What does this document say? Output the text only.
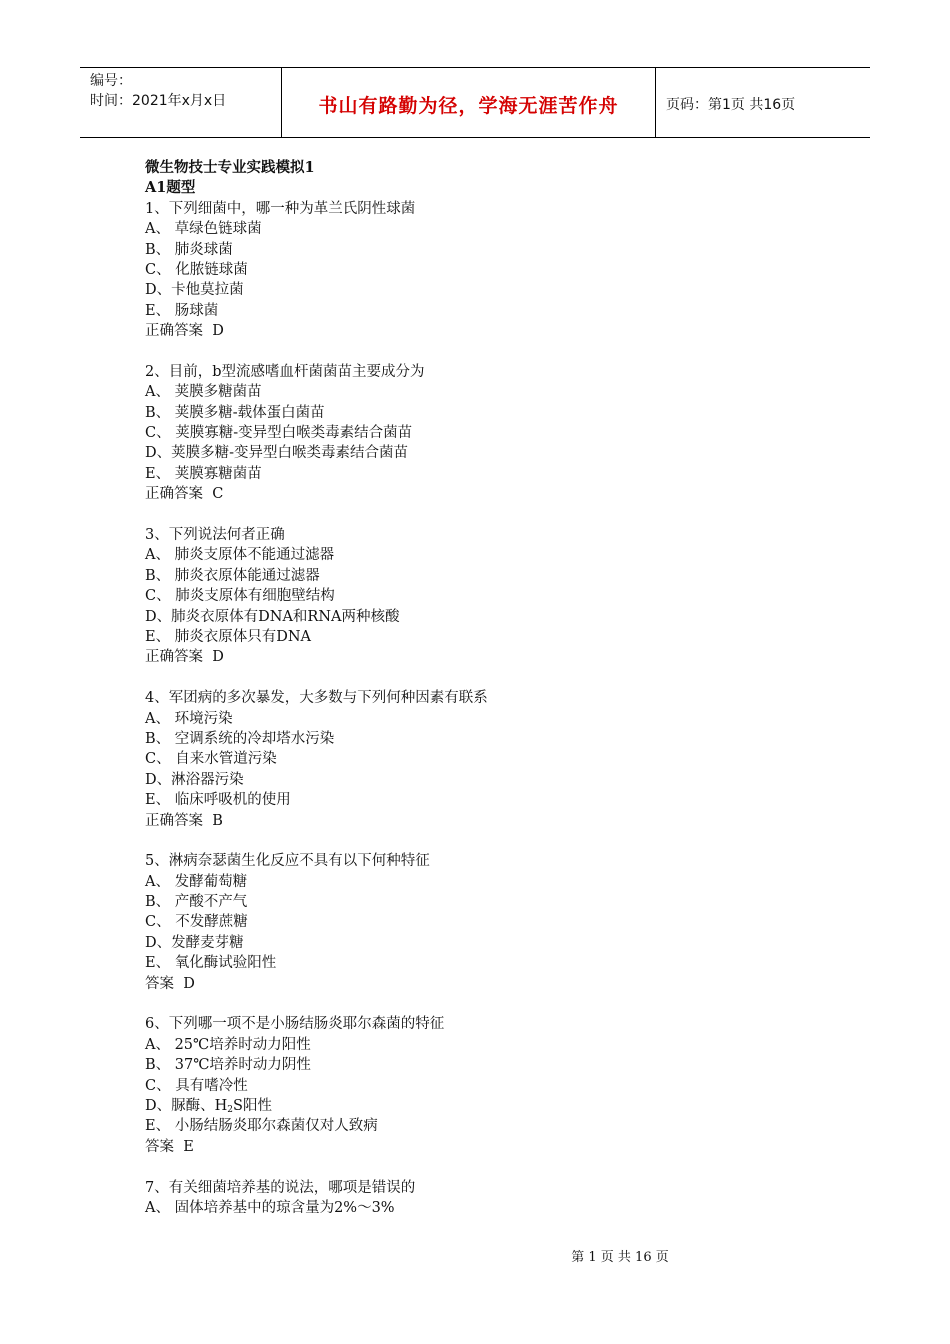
编号：
时间：2021年x月x日	书山有路勤为径，学海无涯苦作舟	页码：第1页 共16页
微生物技士专业实践模拟1
A1题型
1、下列细菌中，哪一种为革兰氏阴性球菌
A、 草绿色链球菌
B、 肺炎球菌
C、 化脓链球菌
D、卡他莫拉菌
E、 肠球菌
正确答案  D
2、目前，b型流感嗜血杆菌菌苗主要成分为
A、 荚膜多糖菌苗
B、 荚膜多糖-载体蛋白菌苗
C、 荚膜寡糖-变异型白喉类毒素结合菌苗
D、荚膜多糖-变异型白喉类毒素结合菌苗
E、 荚膜寡糖菌苗
正确答案  C
3、下列说法何者正确
A、 肺炎支原体不能通过滤器
B、 肺炎衣原体能通过滤器
C、 肺炎支原体有细胞壁结构
D、肺炎衣原体有DNA和RNA两种核酸
E、 肺炎衣原体只有DNA
正确答案  D
4、军团病的多次暴发，大多数与下列何种因素有联系
A、 环境污染
B、 空调系统的冷却塔水污染
C、 自来水管道污染
D、淋浴器污染
E、 临床呼吸机的使用
正确答案  B
5、淋病奈瑟菌生化反应不具有以下何种特征
A、 发酵葡萄糖
B、 产酸不产气
C、 不发酵蔗糖
D、发酵麦芽糖
E、 氧化酶试验阳性
答案  D
6、下列哪一项不是小肠结肠炎耶尔森菌的特征
A、 25℃培养时动力阳性
B、 37℃培养时动力阴性
C、 具有嗜冷性
D、脲酶、$H_2S$阳性
E、 小肠结肠炎耶尔森菌仅对人致病
答案  E
7、有关细菌培养基的说法，哪项是错误的
A、 固体培养基中的琼含量为2%～3%
第 1 页 共 16 页
